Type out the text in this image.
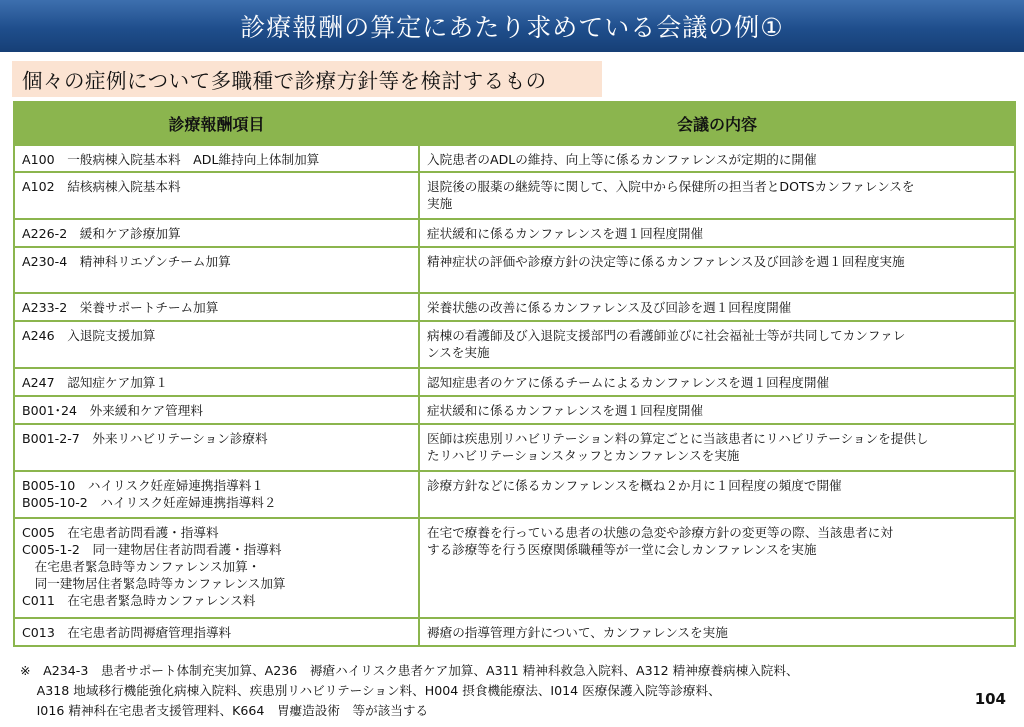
診療報酬の算定にあたり求めている会議の例①
個々の症例について多職種で診療方針等を検討するもの
診療報酬項目	会議の内容
A100　一般病棟入院基本料　ADL維持向上体制加算	入院患者のADLの維持、向上等に係るカンファレンスが定期的に開催
A102　結核病棟入院基本料	退院後の服薬の継続等に関して、入院中から保健所の担当者とDOTSカンファレンスを
実施
A226-2　緩和ケア診療加算	症状緩和に係るカンファレンスを週１回程度開催
A230-4　精神科リエゾンチーム加算	精神症状の評価や診療方針の決定等に係るカンファレンス及び回診を週１回程度実施
A233-2　栄養サポートチーム加算	栄養状態の改善に係るカンファレンス及び回診を週１回程度開催
A246　入退院支援加算	病棟の看護師及び入退院支援部門の看護師並びに社会福祉士等が共同してカンファレ
ンスを実施
A247　認知症ケア加算１	認知症患者のケアに係るチームによるカンファレンスを週１回程度開催
B001･24　外来緩和ケア管理料	症状緩和に係るカンファレンスを週１回程度開催
B001-2-7　外来リハビリテーション診療料	医師は疾患別リハビリテーション料の算定ごとに当該患者にリハビリテーションを提供し
たリハビリテーションスタッフとカンファレンスを実施
B005-10　ハイリスク妊産婦連携指導料１
B005-10-2　ハイリスク妊産婦連携指導料２	診療方針などに係るカンファレンスを概ね２か月に１回程度の頻度で開催
C005　在宅患者訪問看護・指導料
C005-1-2　同一建物居住者訪問看護・指導料
　在宅患者緊急時等カンファレンス加算・
　同一建物居住者緊急時等カンファレンス加算
C011　在宅患者緊急時カンファレンス料	在宅で療養を行っている患者の状態の急変や診療方針の変更等の際、当該患者に対
する診療等を行う医療関係職種等が一堂に会しカンファレンスを実施
C013　在宅患者訪問褥瘡管理指導料	褥瘡の指導管理方針について、カンファレンスを実施
※　A234-3　患者サポート体制充実加算、A236　褥瘡ハイリスク患者ケア加算、A311 精神科救急入院料、A312 精神療養病棟入院料、
　 A318 地域移行機能強化病棟入院料、疾患別リハビリテーション料、H004 摂食機能療法、I014 医療保護入院等診療料、
　 I016 精神科在宅患者支援管理料、K664　胃瘻造設術　等が該当する
104
